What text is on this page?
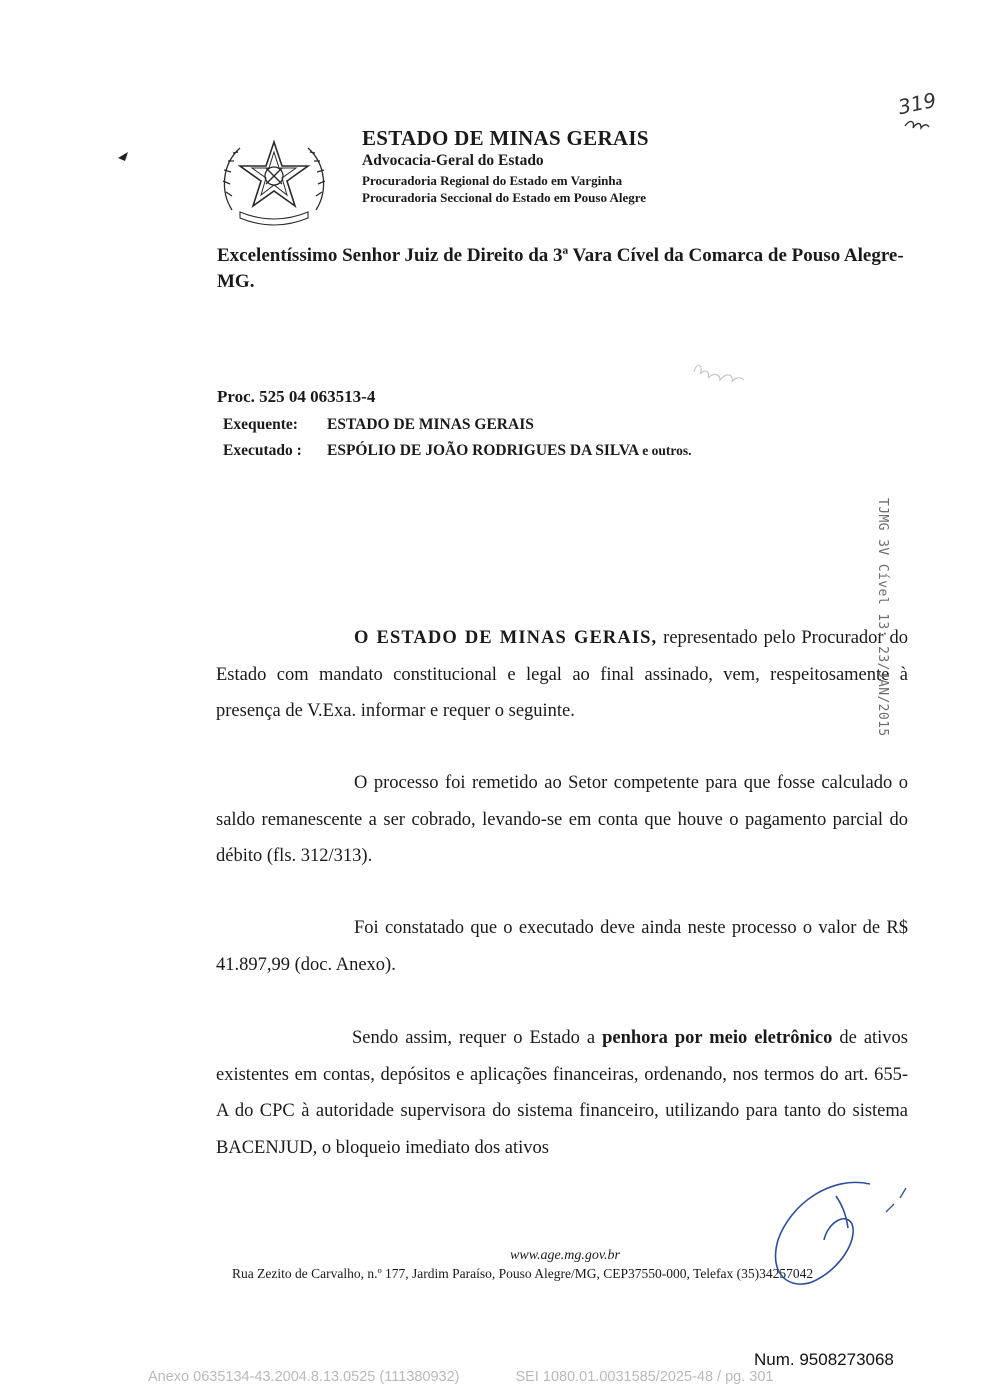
ESTADO DE MINAS GERAIS
Advocacia-Geral do Estado
Procuradoria Regional do Estado em Varginha
Procuradoria Seccional do Estado em Pouso Alegre
Excelentíssimo Senhor Juiz de Direito da 3ª Vara Cível da Comarca de Pouso Alegre-MG.
Proc. 525 04 063513-4
Exequente: ESTADO DE MINAS GERAIS
Executado : ESPÓLIO DE JOÃO RODRIGUES DA SILVA e outros.
O ESTADO DE MINAS GERAIS, representado pelo Procurador do Estado com mandato constitucional e legal ao final assinado, vem, respeitosamente à presença de V.Exa. informar e requer o seguinte.
O processo foi remetido ao Setor competente para que fosse calculado o saldo remanescente a ser cobrado, levando-se em conta que houve o pagamento parcial do débito (fls. 312/313).
Foi constatado que o executado deve ainda neste processo o valor de R$ 41.897,99 (doc. Anexo).
Sendo assim, requer o Estado a penhora por meio eletrônico de ativos existentes em contas, depósitos e aplicações financeiras, ordenando, nos termos do art. 655-A do CPC à autoridade supervisora do sistema financeiro, utilizando para tanto do sistema BACENJUD, o bloqueio imediato dos ativos
TJMG 3V Cível 13: 23/JAN/2015
www.age.mg.gov.br
Rua Zezito de Carvalho, n.º 177, Jardim Paraíso, Pouso Alegre/MG, CEP37550-000, Telefax (35)34257042
Num. 9508273068
Anexo 0635134-43.2004.8.13.0525 (111380932)	SEI 1080.01.0031585/2025-48 / pg. 301
319
